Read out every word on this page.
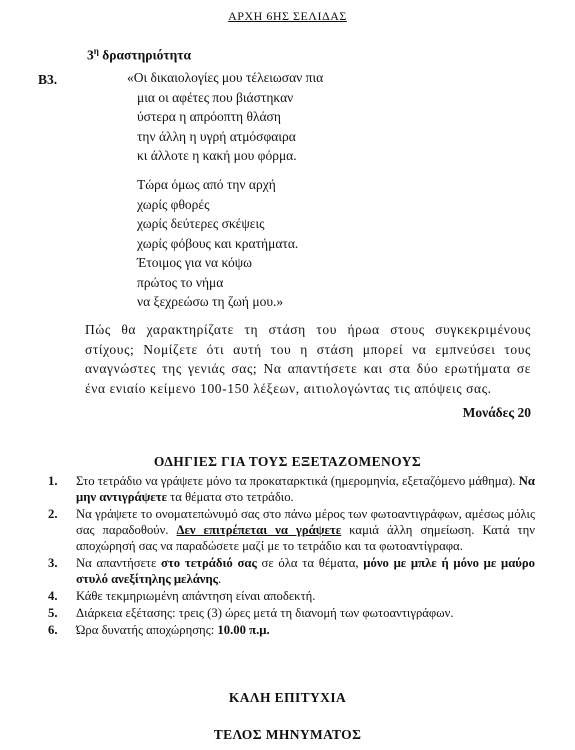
ΑΡΧΗ 6ΗΣ ΣΕΛΙΔΑΣ
$3^\eta$ δραστηριότητα
Β3.	«Οι δικαιολογίες μου τέλειωσαν πια
μια οι αφέτες που βιάστηκαν
ύστερα η απρόοπτη θλάση
την άλλη η υγρή ατμόσφαιρα
κι άλλοτε η κακή μου φόρμα.
Τώρα όμως από την αρχή
χωρίς φθορές
χωρίς δεύτερες σκέψεις
χωρίς φόβους και κρατήματα.
Έτοιμος για να κόψω
πρώτος το νήμα
να ξεχρεώσω τη ζωή μου.»
Πώς θα χαρακτηρίζατε τη στάση του ήρωα στους συγκεκριμένους στίχους; Νομίζετε ότι αυτή του η στάση μπορεί να εμπνεύσει τους αναγνώστες της γενιάς σας; Να απαντήσετε και στα δύο ερωτήματα σε ένα ενιαίο κείμενο 100-150 λέξεων, αιτιολογώντας τις απόψεις σας.
Μονάδες 20
ΟΔΗΓΙΕΣ ΓΙΑ ΤΟΥΣ ΕΞΕΤΑΖΟΜΕΝΟΥΣ
1. Στο τετράδιο να γράψετε μόνο τα προκαταρκτικά (ημερομηνία, εξεταζόμενο μάθημα). Να μην αντιγράψετε τα θέματα στο τετράδιο.
2. Να γράψετε το ονοματεπώνυμό σας στο πάνω μέρος των φωτοαντιγράφων, αμέσως μόλις σας παραδοθούν. Δεν επιτρέπεται να γράψετε καμιά άλλη σημείωση. Κατά την αποχώρησή σας να παραδώσετε μαζί με το τετράδιο και τα φωτοαντίγραφα.
3. Να απαντήσετε στο τετράδιό σας σε όλα τα θέματα, μόνο με μπλε ή μόνο με μαύρο στυλό ανεξίτηλης μελάνης.
4. Κάθε τεκμηριωμένη απάντηση είναι αποδεκτή.
5. Διάρκεια εξέτασης: τρεις (3) ώρες μετά τη διανομή των φωτοαντιγράφων.
6. Ώρα δυνατής αποχώρησης: 10.00 π.μ.
ΚΑΛΗ ΕΠΙΤΥΧΙΑ
ΤΕΛΟΣ ΜΗΝΥΜΑΤΟΣ
